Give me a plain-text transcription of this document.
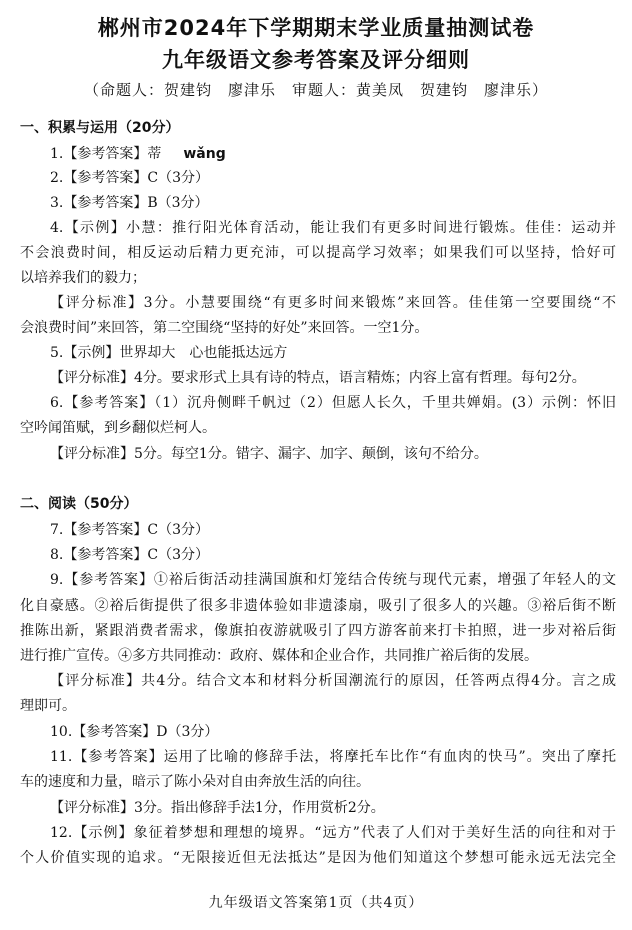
郴州市2024年下学期期末学业质量抽测试卷
九年级语文参考答案及评分细则
（命题人：贺建钧　廖津乐　审题人：黄美凤　贺建钧　廖津乐）
一、积累与运用（20分）
1.【参考答案】蒂 wǎng
2.【参考答案】C（3分）
3.【参考答案】B（3分）
4.【示例】小慧：推行阳光体育活动，能让我们有更多时间进行锻炼。佳佳：运动并
不会浪费时间，相反运动后精力更充沛，可以提高学习效率；如果我们可以坚持，恰好可
以培养我们的毅力；
【评分标准】3分。小慧要围绕“有更多时间来锻炼”来回答。佳佳第一空要围绕“不
会浪费时间”来回答，第二空围绕“坚持的好处”来回答。一空1分。
5.【示例】世界却大　心也能抵达远方
【评分标准】4分。要求形式上具有诗的特点，语言精炼；内容上富有哲理。每句2分。
6.【参考答案】（1）沉舟侧畔千帆过（2）但愿人长久，千里共婵娟。(3）示例：怀旧
空吟闻笛赋，到乡翻似烂柯人。
【评分标准】5分。每空1分。错字、漏字、加字、颠倒，该句不给分。
二、阅读（50分）
7.【参考答案】C（3分）
8.【参考答案】C（3分）
9.【参考答案】①裕后街活动挂满国旗和灯笼结合传统与现代元素，增强了年轻人的文
化自豪感。②裕后街提供了很多非遗体验如非遗漆扇，吸引了很多人的兴趣。③裕后街不断
推陈出新，紧跟消费者需求，像旗拍夜游就吸引了四方游客前来打卡拍照，进一步对裕后街
进行推广宣传。④多方共同推动：政府、媒体和企业合作，共同推广裕后街的发展。
【评分标准】共4分。结合文本和材料分析国潮流行的原因，任答两点得4分。言之成
理即可。
10.【参考答案】D（3分）
11.【参考答案】运用了比喻的修辞手法，将摩托车比作“有血肉的快马”。突出了摩托
车的速度和力量，暗示了陈小朵对自由奔放生活的向往。
【评分标准】3分。指出修辞手法1分，作用赏析2分。
12.【示例】象征着梦想和理想的境界。“远方”代表了人们对于美好生活的向往和对于
个人价值实现的追求。“无限接近但无法抵达”是因为他们知道这个梦想可能永远无法完全
九年级语文答案第1页（共4页）
